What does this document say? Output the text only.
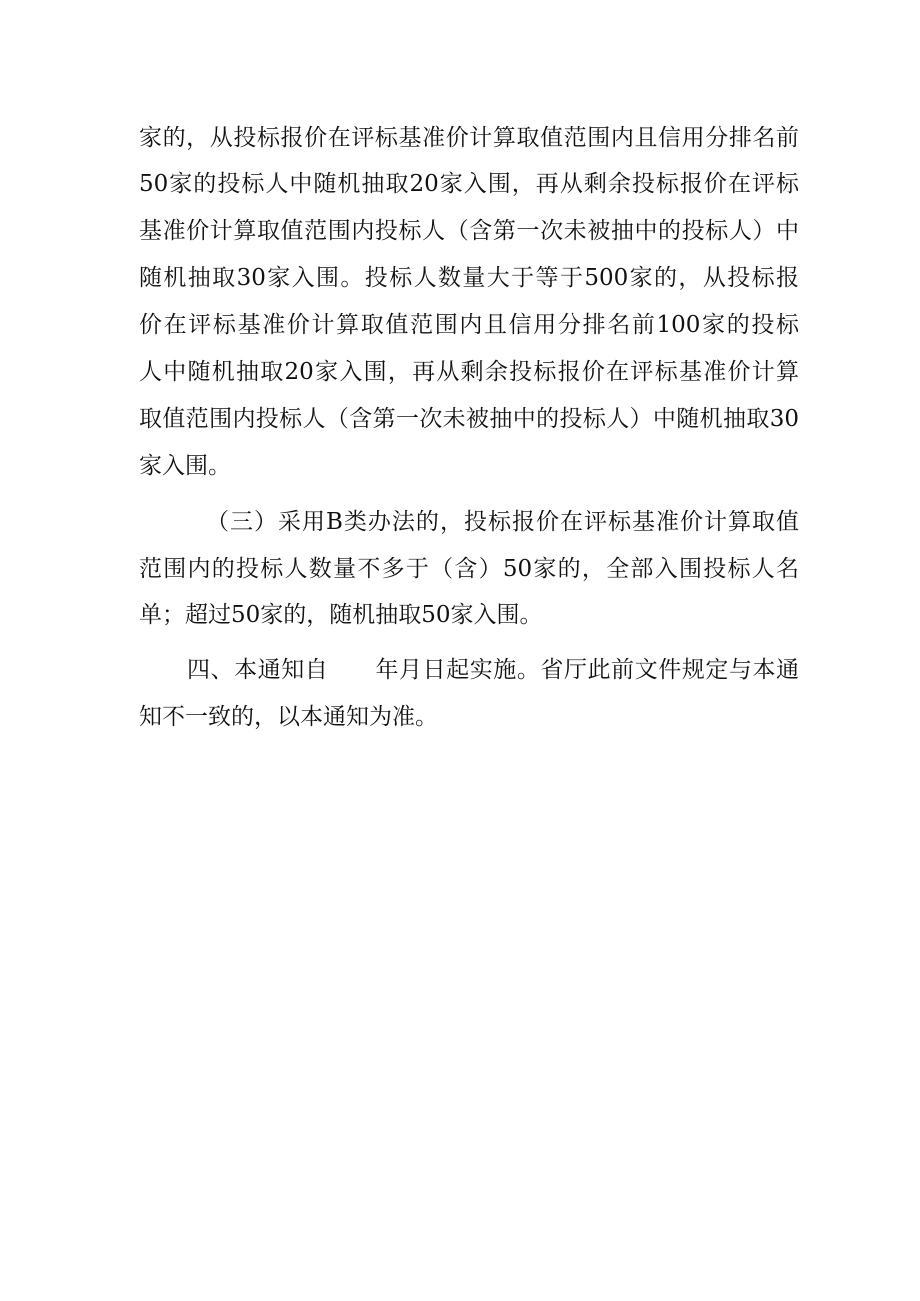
家的，从投标报价在评标基准价计算取值范围内且信用分排名前
50家的投标人中随机抽取20家入围，再从剩余投标报价在评标
基准价计算取值范围内投标人（含第一次未被抽中的投标人）中
随机抽取30家入围。投标人数量大于等于500家的，从投标报
价在评标基准价计算取值范围内且信用分排名前100家的投标
人中随机抽取20家入围，再从剩余投标报价在评标基准价计算
取值范围内投标人（含第一次未被抽中的投标人）中随机抽取30
家入围。
（三）采用B类办法的，投标报价在评标基准价计算取值
范围内的投标人数量不多于（含）50家的，全部入围投标人名
单；超过50家的，随机抽取50家入围。
四、本通知自　　年月日起实施。省厅此前文件规定与本通
知不一致的，以本通知为准。
